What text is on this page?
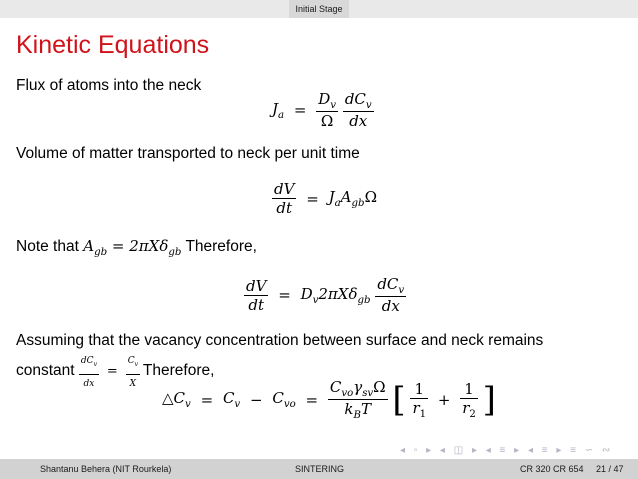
Initial Stage
Kinetic Equations
Flux of atoms into the neck
$J_a = \frac{D_v}{\Omega}$
$\frac{dC_v}{dx}$
Volume of matter transported to neck per unit time
$\frac{dV}{dt} = J_aA_{gb}\Omega$
Note that $A_{gb} = 2\pi X\delta_{gb}$ Therefore,
$\frac{dV}{dt} = D_v2\pi X\delta_{gb} \frac{dC_v}{dx}$
Assuming that the vacancy concentration between surface and neck remains
constant $\frac{dC_v}{dx} = \frac{C_v}{X}$ Therefore,
$\triangle C_v = C_v - C_{vo} = \frac{C_{vo}\gamma_{sv}\Omega}{k_BT}$ [ $\frac{1}{r_1} + \frac{1}{r_2}$ ]
◂ ▫ ▸ ◂ ◫ ▸ ◂ ≡ ▸ ◂ ≡ ▸ ≡ ∽ ∾
Shantanu Behera (NIT Rourkela)	SINTERING	CR 320 CR 654 21 / 47
